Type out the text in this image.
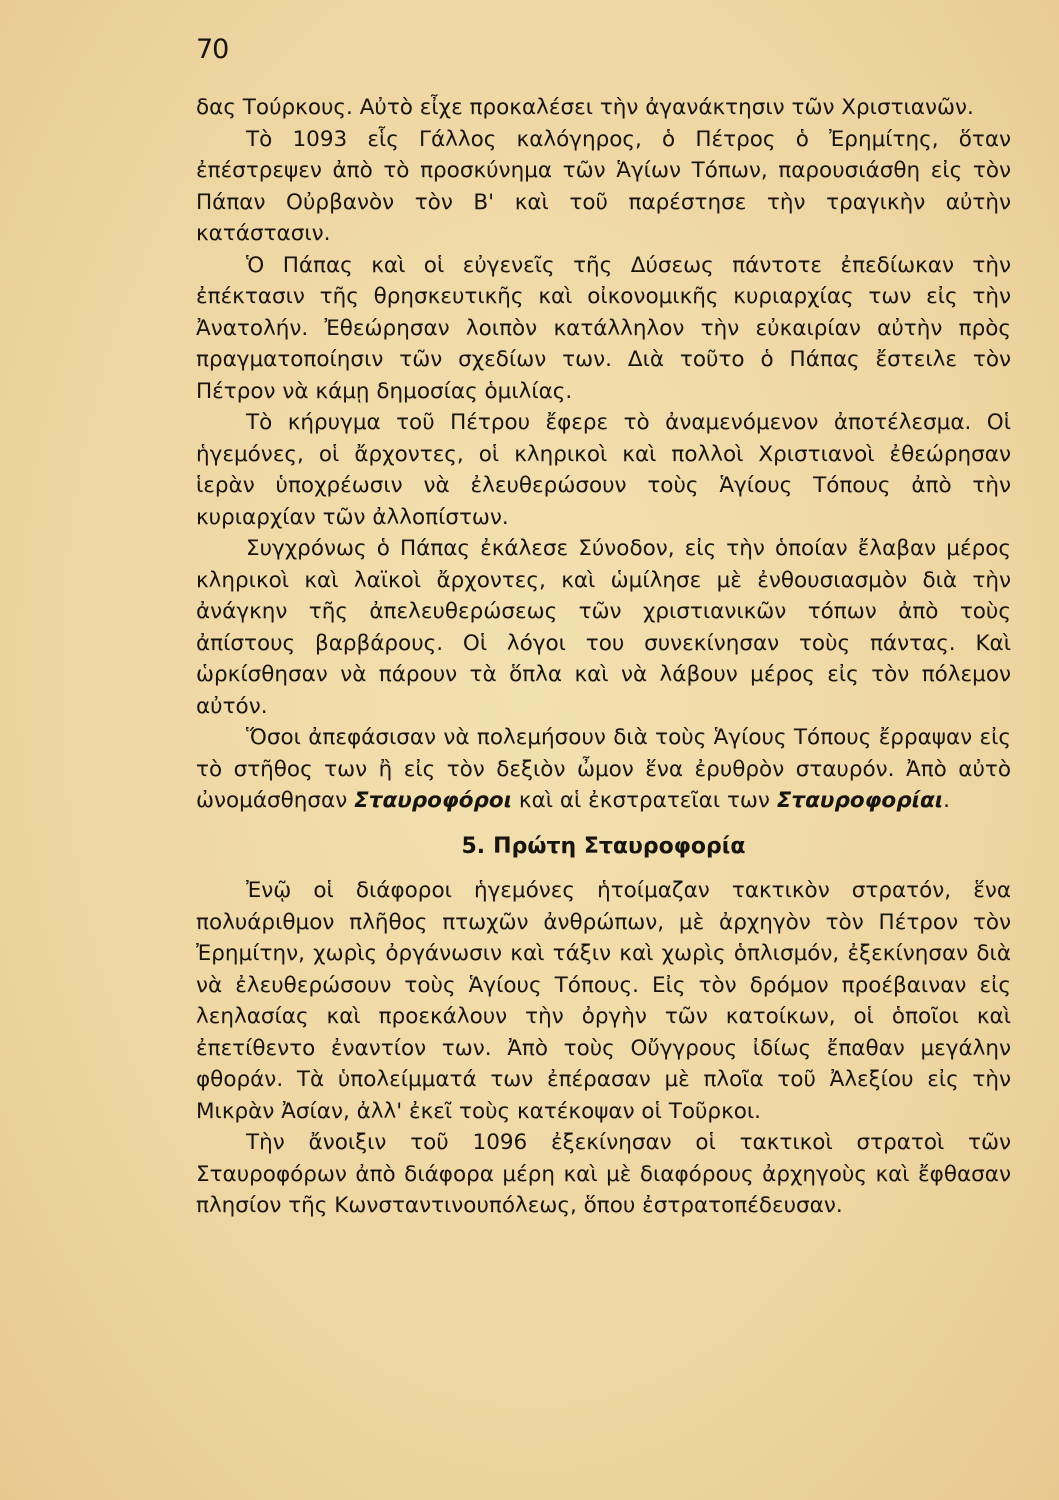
70

δας Τούρκους. Αὐτὸ εἶχε προκαλέσει τὴν ἀγανάκτησιν τῶν Χριστιανῶν.

Τὸ 1093 εἷς Γάλλος καλόγηρος, ὁ Πέτρος ὁ Ἐρημίτης, ὅταν ἐπέστρεψεν ἀπὸ τὸ προσκύνημα τῶν Ἁγίων Τόπων, παρουσιάσθη εἰς τὸν Πάπαν Οὐρβανὸν τὸν Β' καὶ τοῦ παρέστησε τὴν τραγικὴν αὐτὴν κατάστασιν.

Ὁ Πάπας καὶ οἱ εὐγενεῖς τῆς Δύσεως πάντοτε ἐπεδίωκαν τὴν ἐπέκτασιν τῆς θρησκευτικῆς καὶ οἰκονομικῆς κυριαρχίας των εἰς τὴν Ἀνατολήν. Ἐθεώρησαν λοιπὸν κατάλληλον τὴν εὐκαιρίαν αὐτὴν πρὸς πραγματοποίησιν τῶν σχεδίων των. Διὰ τοῦτο ὁ Πάπας ἔστειλε τὸν Πέτρον νὰ κάμῃ δημοσίας ὁμιλίας.

Τὸ κήρυγμα τοῦ Πέτρου ἔφερε τὸ ἀναμενόμενον ἀποτέλεσμα. Οἱ ἡγεμόνες, οἱ ἄρχοντες, οἱ κληρικοὶ καὶ πολλοὶ Χριστιανοὶ ἐθεώρησαν ἱερὰν ὑποχρέωσιν νὰ ἐλευθερώσουν τοὺς Ἁγίους Τόπους ἀπὸ τὴν κυριαρχίαν τῶν ἀλλοπίστων.

Συγχρόνως ὁ Πάπας ἐκάλεσε Σύνοδον, εἰς τὴν ὁποίαν ἔλαβαν μέρος κληρικοὶ καὶ λαϊκοὶ ἄρχοντες, καὶ ὡμίλησε μὲ ἐνθουσιασμὸν διὰ τὴν ἀνάγκην τῆς ἀπελευθερώσεως τῶν χριστιανικῶν τόπων ἀπὸ τοὺς ἀπίστους βαρβάρους. Οἱ λόγοι του συνεκίνησαν τοὺς πάντας. Καὶ ὡρκίσθησαν νὰ πάρουν τὰ ὅπλα καὶ νὰ λάβουν μέρος εἰς τὸν πόλεμον αὐτόν.

Ὅσοι ἀπεφάσισαν νὰ πολεμήσουν διὰ τοὺς Ἁγίους Τόπους ἔρραψαν εἰς τὸ στῆθος των ἢ εἰς τὸν δεξιὸν ὦμον ἕνα ἐρυθρὸν σταυρόν. Ἀπὸ αὐτὸ ὠνομάσθησαν Σταυροφόροι καὶ αἱ ἐκστρατεῖαι των Σταυροφορίαι.

5. Πρώτη Σταυροφορία

Ἐνῷ οἱ διάφοροι ἡγεμόνες ἡτοίμαζαν τακτικὸν στρατόν, ἕνα πολυάριθμον πλῆθος πτωχῶν ἀνθρώπων, μὲ ἀρχηγὸν τὸν Πέτρον τὸν Ἐρημίτην, χωρὶς ὀργάνωσιν καὶ τάξιν καὶ χωρὶς ὁπλισμόν, ἐξεκίνησαν διὰ νὰ ἐλευθερώσουν τοὺς Ἁγίους Τόπους. Εἰς τὸν δρόμον προέβαιναν εἰς λεηλασίας καὶ προεκάλουν τὴν ὀργὴν τῶν κατοίκων, οἱ ὁποῖοι καὶ ἐπετίθεντο ἐναντίον των. Ἀπὸ τοὺς Οὔγγρους ἰδίως ἔπαθαν μεγάλην φθοράν. Τὰ ὑπολείμματά των ἐπέρασαν μὲ πλοῖα τοῦ Ἀλεξίου εἰς τὴν Μικρὰν Ἀσίαν, ἀλλ' ἐκεῖ τοὺς κατέκοψαν οἱ Τοῦρκοι.

Τὴν ἄνοιξιν τοῦ 1096 ἐξεκίνησαν οἱ τακτικοὶ στρατοὶ τῶν Σταυροφόρων ἀπὸ διάφορα μέρη καὶ μὲ διαφόρους ἀρχηγοὺς καὶ ἔφθασαν πλησίον τῆς Κωνσταντινουπόλεως, ὅπου ἐστρατοπέδευσαν.
